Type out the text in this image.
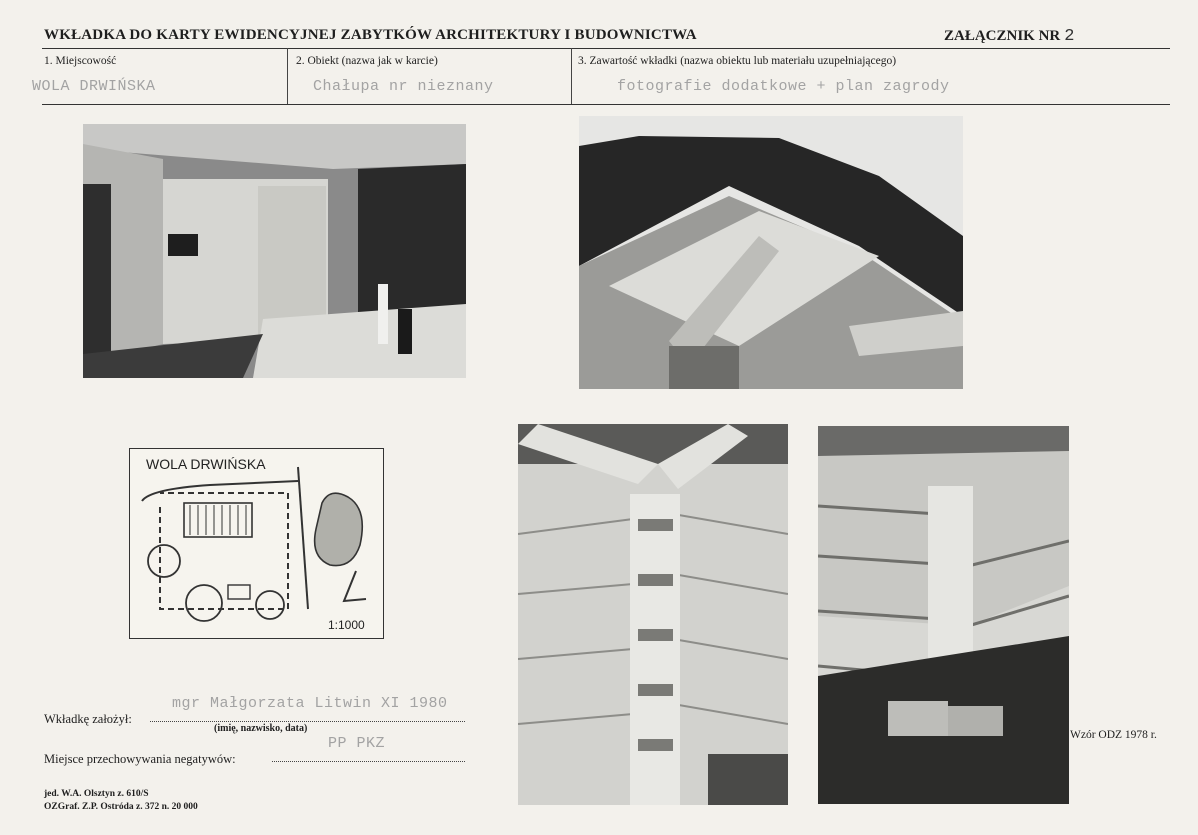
WKŁADKA DO KARTY EWIDENCYJNEJ ZABYTKÓW ARCHITEKTURY I BUDOWNICTWA	ZAŁĄCZNIK NR 2
1. Miejscowość	2. Obiekt (nazwa jak w karcie)	3. Zawartość wkładki (nazwa obiektu lub materiału uzupełniającego)
WOLA DRWIŃSKA	Chałupa nr nieznany	fotografie dodatkowe + plan zagrody
WOLA DRWIŃSKA
1:1000
mgr Małgorzata Litwin XI 1980
Wkładkę założył:
(imię, nazwisko, data)
PP PKZ
Miejsce przechowywania negatywów:
Wzór ODZ 1978 r.
jed. W.A. Olsztyn z. 610/S
OZGraf. Z.P. Ostróda z. 372 n. 20 000
